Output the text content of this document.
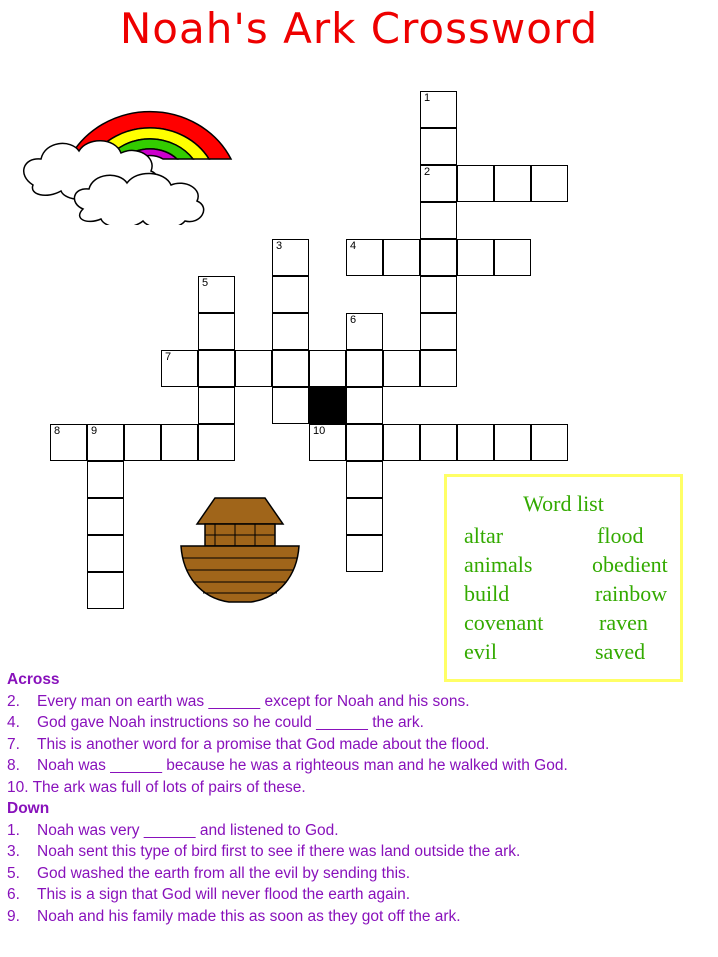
Noah's Ark Crossword
1
2
3	4
5
6
7
8	9	10
Word list
altar	flood
animals	obedient
build	rainbow
covenant	raven
evil	saved
Across
2. Every man on earth was ______ except for Noah and his sons.
4. God gave Noah instructions so he could ______ the ark.
7. This is another word for a promise that God made about the flood.
8. Noah was ______ because he was a righteous man and he walked with God.
10. The ark was full of lots of pairs of these.
Down
1. Noah was very ______ and listened to God.
3. Noah sent this type of bird first to see if there was land outside the ark.
5. God washed the earth from all the evil by sending this.
6. This is a sign that God will never flood the earth again.
9. Noah and his family made this as soon as they got off the ark.
